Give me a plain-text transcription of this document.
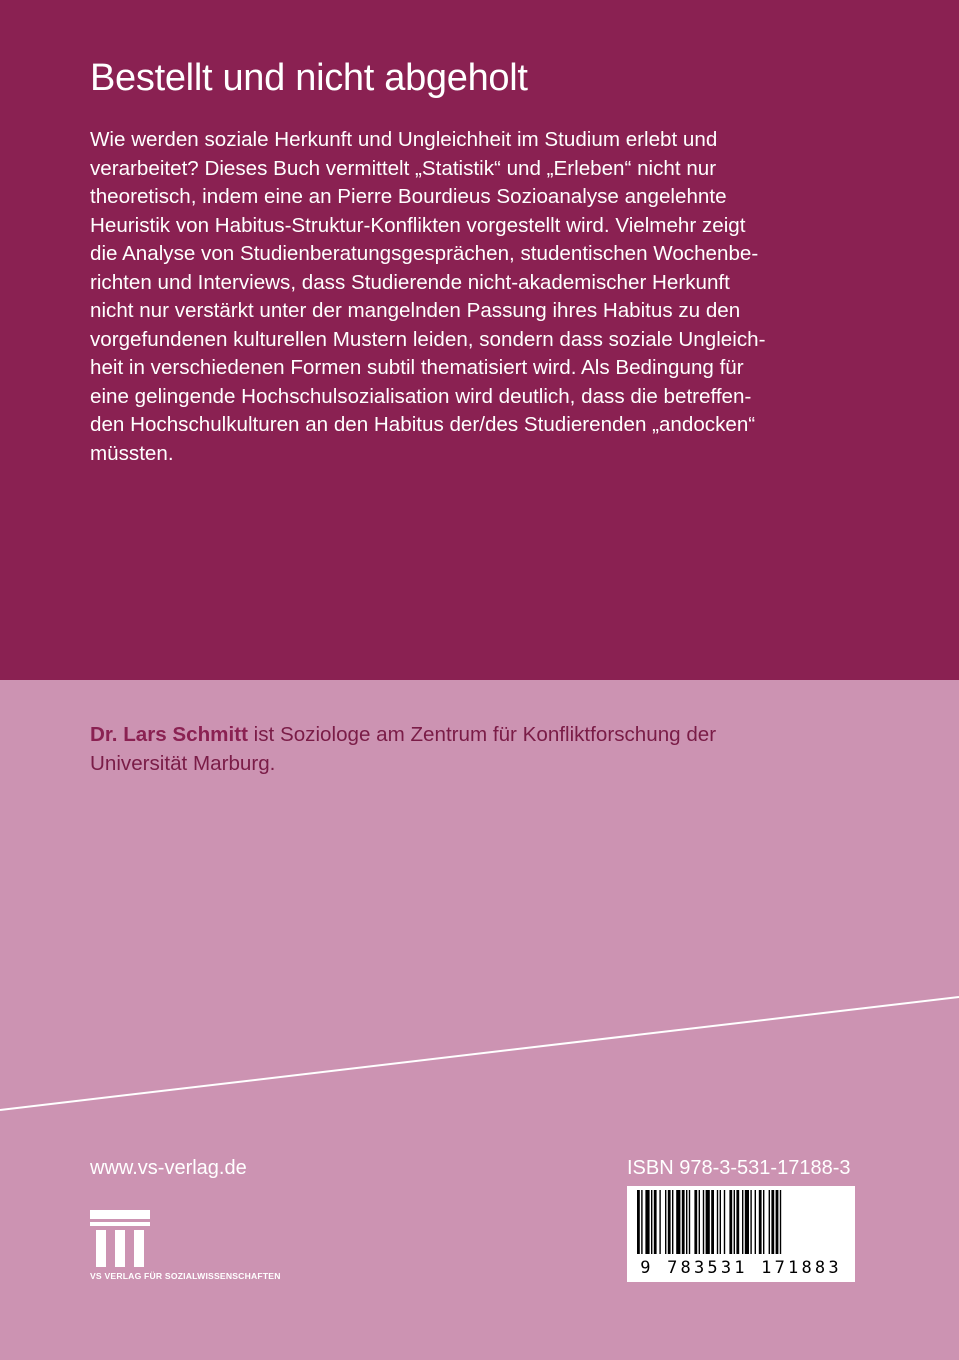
Bestellt und nicht abgeholt

Wie werden soziale Herkunft und Ungleichheit im Studium erlebt und
verarbeitet? Dieses Buch vermittelt „Statistik“ und „Erleben“ nicht nur
theoretisch, indem eine an Pierre Bourdieus Sozioanalyse angelehnte
Heuristik von Habitus-Struktur-Konflikten vorgestellt wird. Vielmehr zeigt
die Analyse von Studienberatungsgesprächen, studentischen Wochenbe-
richten und Interviews, dass Studierende nicht-akademischer Herkunft
nicht nur verstärkt unter der mangelnden Passung ihres Habitus zu den
vorgefundenen kulturellen Mustern leiden, sondern dass soziale Ungleich-
heit in verschiedenen Formen subtil thematisiert wird. Als Bedingung für
eine gelingende Hochschulsozialisation wird deutlich, dass die betreffen-
den Hochschulkulturen an den Habitus der/des Studierenden „andocken“
müssten.

Dr. Lars Schmitt ist Soziologe am Zentrum für Konfliktforschung der
Universität Marburg.

www.vs-verlag.de
VS VERLAG FÜR SOZIALWISSENSCHAFTEN
ISBN 978-3-531-17188-3
9 783531 171883
